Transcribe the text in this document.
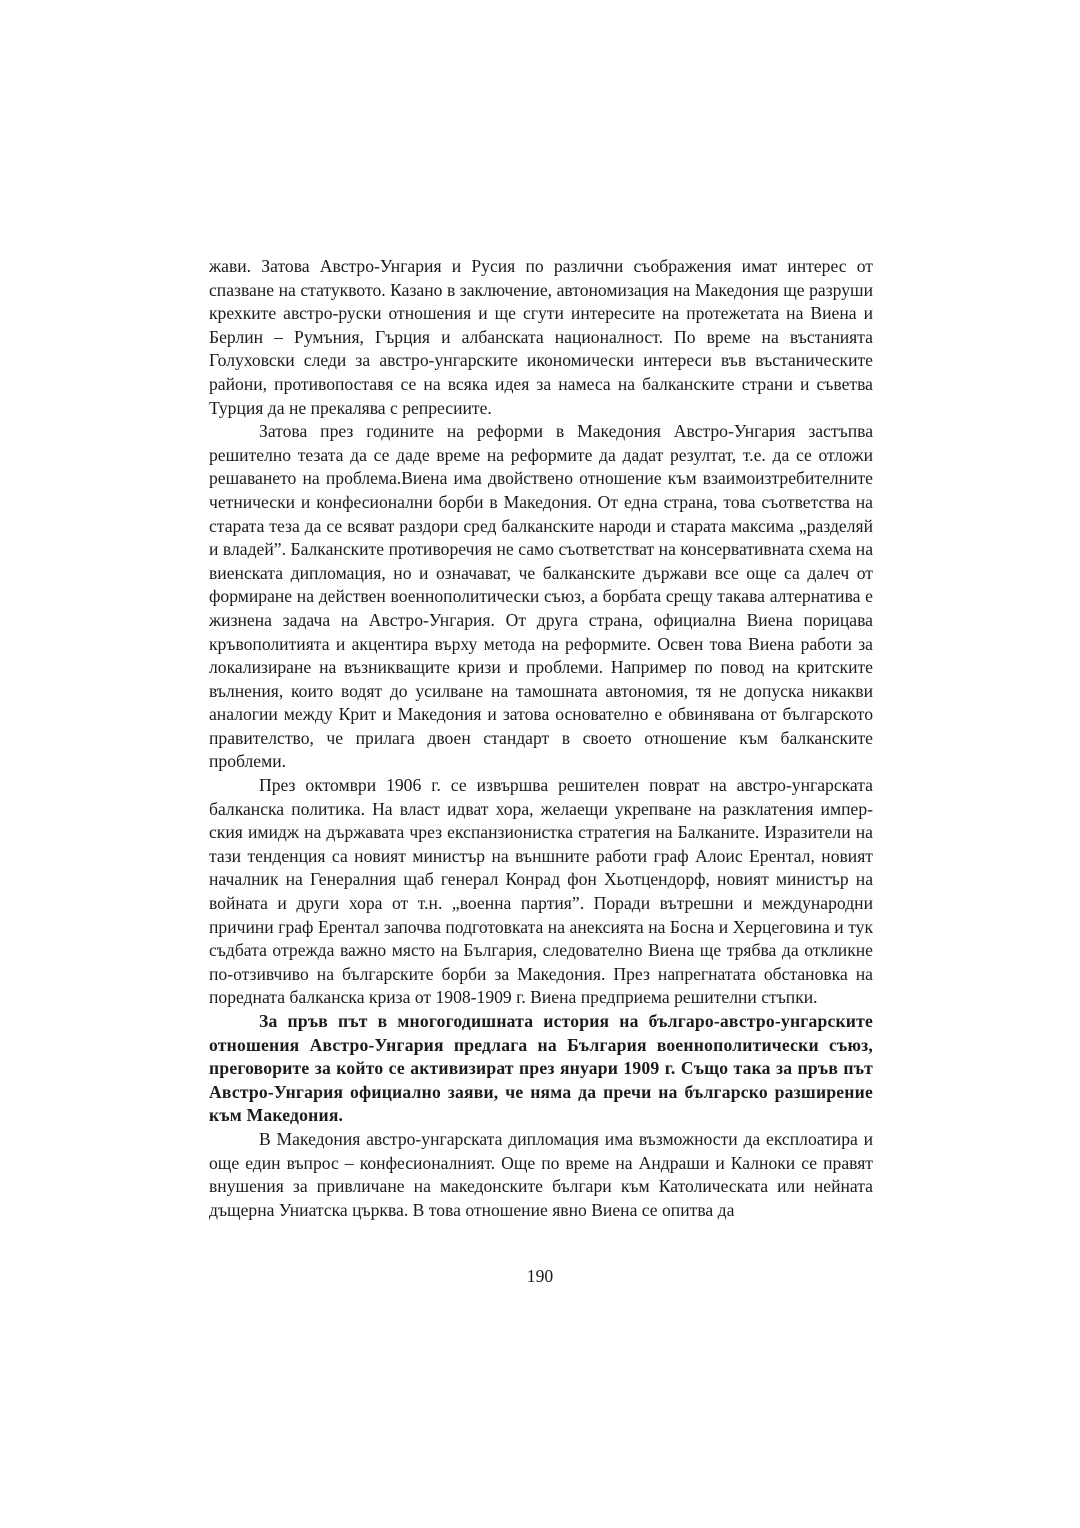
жави. Затова Австро-Унгария и Русия по различни съображения имат интерес от спазване на статуквото. Казано в заключение, автономизация на Македония ще разруши крехките австро-руски отношения и ще сгути интересите на протежетата на Виена и Берлин – Румъния, Гърция и албанската националност. По време на въстанията Голуховски следи за австро-унгарските икономически интереси във въстаническите райони, противопоставя се на всяка идея за намеса на балканските страни и съветва Турция да не прекалява с репресиите.

Затова през годините на реформи в Македония Австро-Унгария застъпва решително тезата да се даде време на реформите да дадат резултат, т.е. да се отложи решаването на проблема.Виена има двойствено отношение към взаимоизтребителните четнически и конфесионални борби в Македония. От една страна, това съответства на старата теза да се всяват раздори сред балканските народи и старата максима „разделяй и владей”. Балканските противоречия не само съответстват на консервативната схема на виенската дипломация, но и означават, че балканските държави все още са далеч от формиране на действен военнополитически съюз, а борбата срещу такава алтернатива е жизнена задача на Австро-Унгария. От друга страна, официална Виена порицава кръвополитията и акцентира върху метода на реформите. Освен това Виена работи за локализиране на възникващите кризи и проблеми. Например по повод на критските вълнения, които водят до усилване на тамошната автономия, тя не допуска никакви аналогии между Крит и Македония и затова основателно е обвинявана от българското правителство, че прилага двоен стандарт в своето отношение към балканските проблеми.

През октомври 1906 г. се извършва решителен поврат на австро-унгарската балканска политика. На власт идват хора, желаещи укрепване на разклатения имперския имидж на държавата чрез експанзионистка стратегия на Балканите. Изразители на тази тенденция са новият министър на външните работи граф Алоис Ерентал, новият началник на Генералния щаб генерал Конрад фон Хьотцендорф, новият министър на войната и други хора от т.н. „военна партия”. Поради вътрешни и международни причини граф Ерентал започва подготовката на анексията на Босна и Херцеговина и тук съдбата отрежда важно място на България, следователно Виена ще трябва да откликне по-отзивчиво на българските борби за Македония. През напрегнатата обстановка на поредната балканска криза от 1908-1909 г. Виена предприема решителни стъпки.

За пръв път в многогодишната история на българо-австро-унгарските отношения Австро-Унгария предлага на България военнополитически съюз, преговорите за който се активизират през януари 1909 г. Също така за пръв път Австро-Унгария официално заяви, че няма да пречи на българско разширение към Македония.

В Македония австро-унгарската дипломация има възможности да експлоатира и още един въпрос – конфесионалният. Още по време на Андраши и Калноки се правят внушения за привличане на македонските българи към Католическата или нейната дъщерна Униатска църква. В това отношение явно Виена се опитва да

190
